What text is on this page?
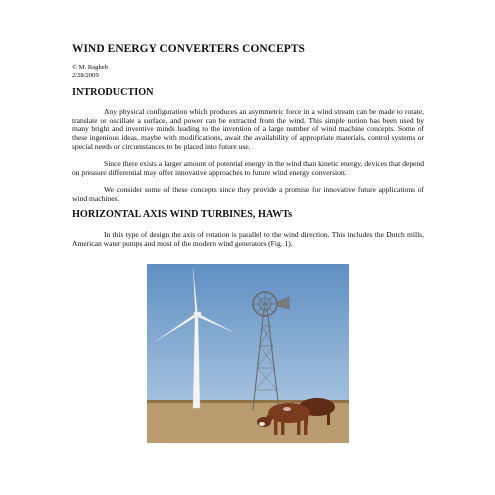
WIND ENERGY CONVERTERS CONCEPTS
© M. Ragheb
2/28/2009
INTRODUCTION

Any physical configuration which produces an asymmetric force in a wind stream can be made to rotate, translate or oscillate a surface, and power can be extracted from the wind. This simple notion has been used by many bright and inventive minds leading to the invention of a large number of wind machine concepts. Some of these ingenious ideas, maybe with modifications, await the availability of appropriate materials, control systems or special needs or circumstances to be placed into future use.

Since there exists a larger amount of potential energy in the wind than kinetic energy, devices that depend on pressure differential may offer innovative approaches to future wind energy conversion.

We consider some of these concepts since they provide a promise for innovative future applications of wind machines.

HORIZONTAL AXIS WIND TURBINES, HAWTs

In this type of design the axis of rotation is parallel to the wind direction. This includes the Dutch mills, American water pumps and most of the modern wind generators (Fig. 1).
